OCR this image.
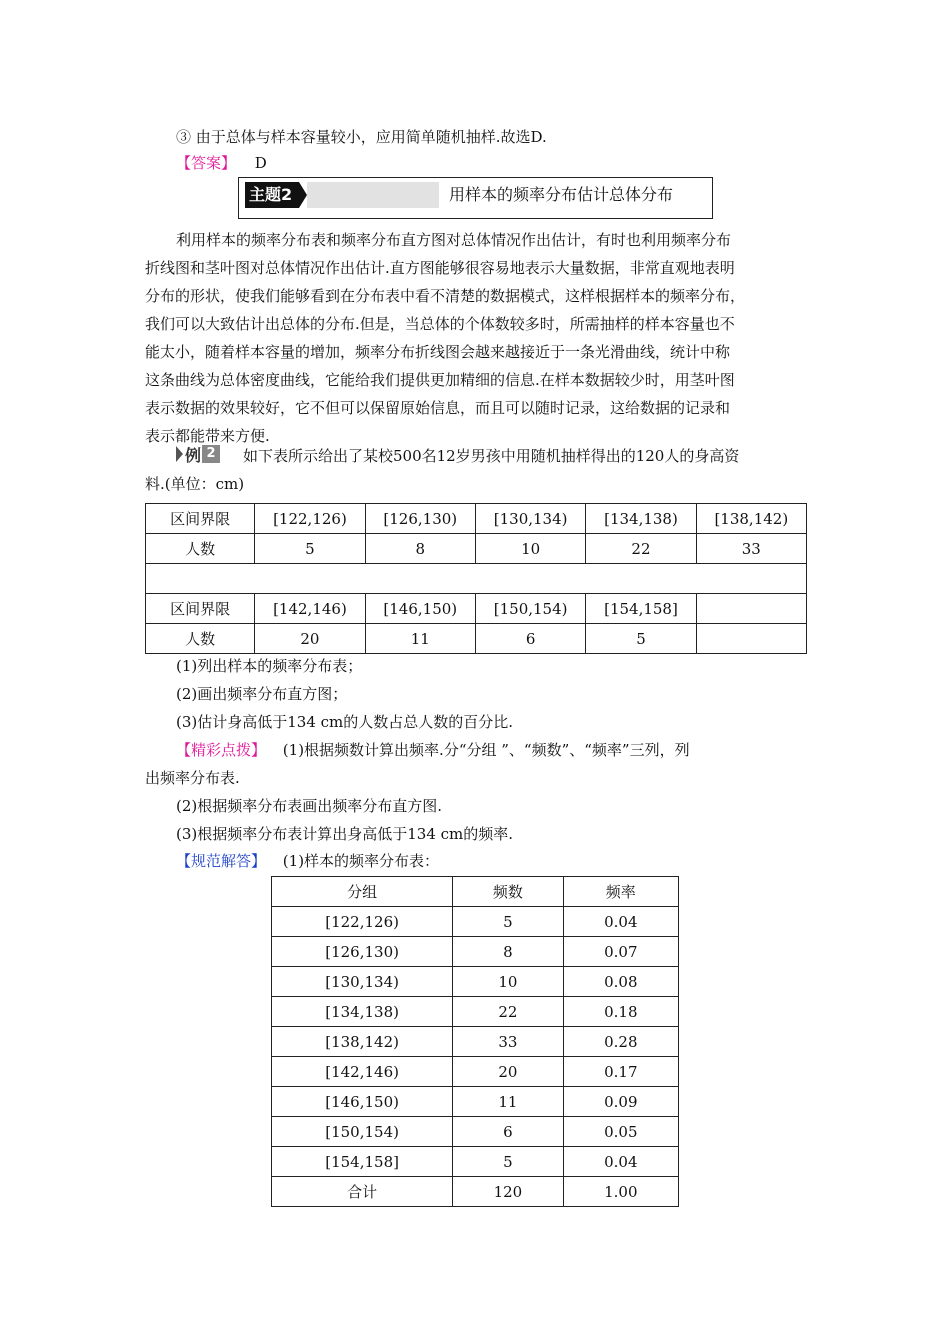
③ 由于总体与样本容量较小，应用简单随机抽样.故选D.
【答案】 D
主题2	用样本的频率分布估计总体分布
利用样本的频率分布表和频率分布直方图对总体情况作出估计，有时也利用频率分布
折线图和茎叶图对总体情况作出估计.直方图能够很容易地表示大量数据，非常直观地表明
分布的形状，使我们能够看到在分布表中看不清楚的数据模式，这样根据样本的频率分布，
我们可以大致估计出总体的分布.但是，当总体的个体数较多时，所需抽样的样本容量也不
能太小，随着样本容量的增加，频率分布折线图会越来越接近于一条光滑曲线，统计中称
这条曲线为总体密度曲线，它能给我们提供更加精细的信息.在样本数据较少时，用茎叶图
表示数据的效果较好，它不但可以保留原始信息，而且可以随时记录，这给数据的记录和
表示都能带来方便.
例 2 如下表所示给出了某校500名12岁男孩中用随机抽样得出的120人的身高资
料.(单位：cm)
区间界限	[122,126)	[126,130)	[130,134)	[134,138)	[138,142)
人数	5	8	10	22	33

区间界限	[142,146)	[146,150)	[150,154)	[154,158]	
人数	20	11	6	5	
(1)列出样本的频率分布表；
(2)画出频率分布直方图；
(3)估计身高低于134 cm的人数占总人数的百分比.
【精彩点拨】 (1)根据频数计算出频率.分“分组 ”、“频数”、“频率”三列，列
出频率分布表.
(2)根据频率分布表画出频率分布直方图.
(3)根据频率分布表计算出身高低于134 cm的频率.
【规范解答】 (1)样本的频率分布表：
分组	频数	频率
[122,126)	5	0.04
[126,130)	8	0.07
[130,134)	10	0.08
[134,138)	22	0.18
[138,142)	33	0.28
[142,146)	20	0.17
[146,150)	11	0.09
[150,154)	6	0.05
[154,158]	5	0.04
合计	120	1.00
